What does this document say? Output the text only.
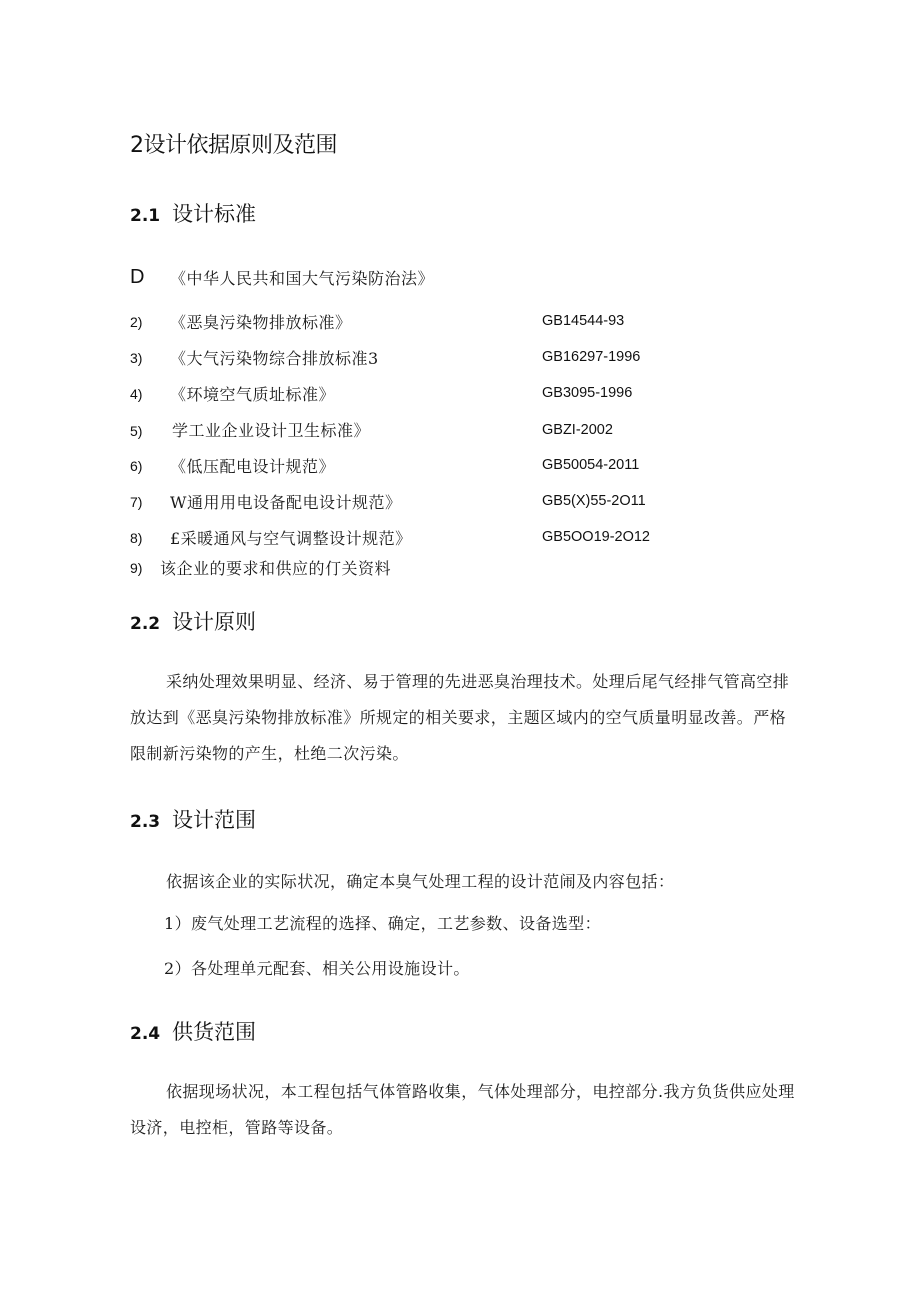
2设计依据原则及范围
2.1 设计标准
D 《中华人民共和国大气污染防治法》
2) 《恶臭污染物排放标准》	GB14544-93
3) 《大气污染物综合排放标准3	GB16297-1996
4) 《环境空气质址标准》	GB3095-1996
5) 学工业企业设计卫生标准》	GBZI-2002
6) 《低压配电设计规范》	GB50054-2011
7) W通用用电设备配电设计规范》	GB5(X)55-2O11
8) £采暖通风与空气调整设计规范》	GB5OO19-2O12
9) 该企业的要求和供应的仃关资料
2.2 设计原则
采纳处理效果明显、经济、易于管理的先进恶臭治理技术。处理后尾气经排气管高空排放达到《恶臭污染物排放标准》所规定的相关要求，主题区域内的空气质量明显改善。严格限制新污染物的产生，杜绝二次污染。
2.3 设计范围
依据该企业的实际状况，确定本臭气处理工程的设计范闹及内容包括：
1）废气处理工艺流程的选择、确定，工艺参数、设备选型：
2）各处理单元配套、相关公用设施设计。
2.4 供货范围
依据现场状况，本工程包括气体管路收集，气体处理部分，电控部分.我方负货供应处理设济，电控柜，管路等设备。
